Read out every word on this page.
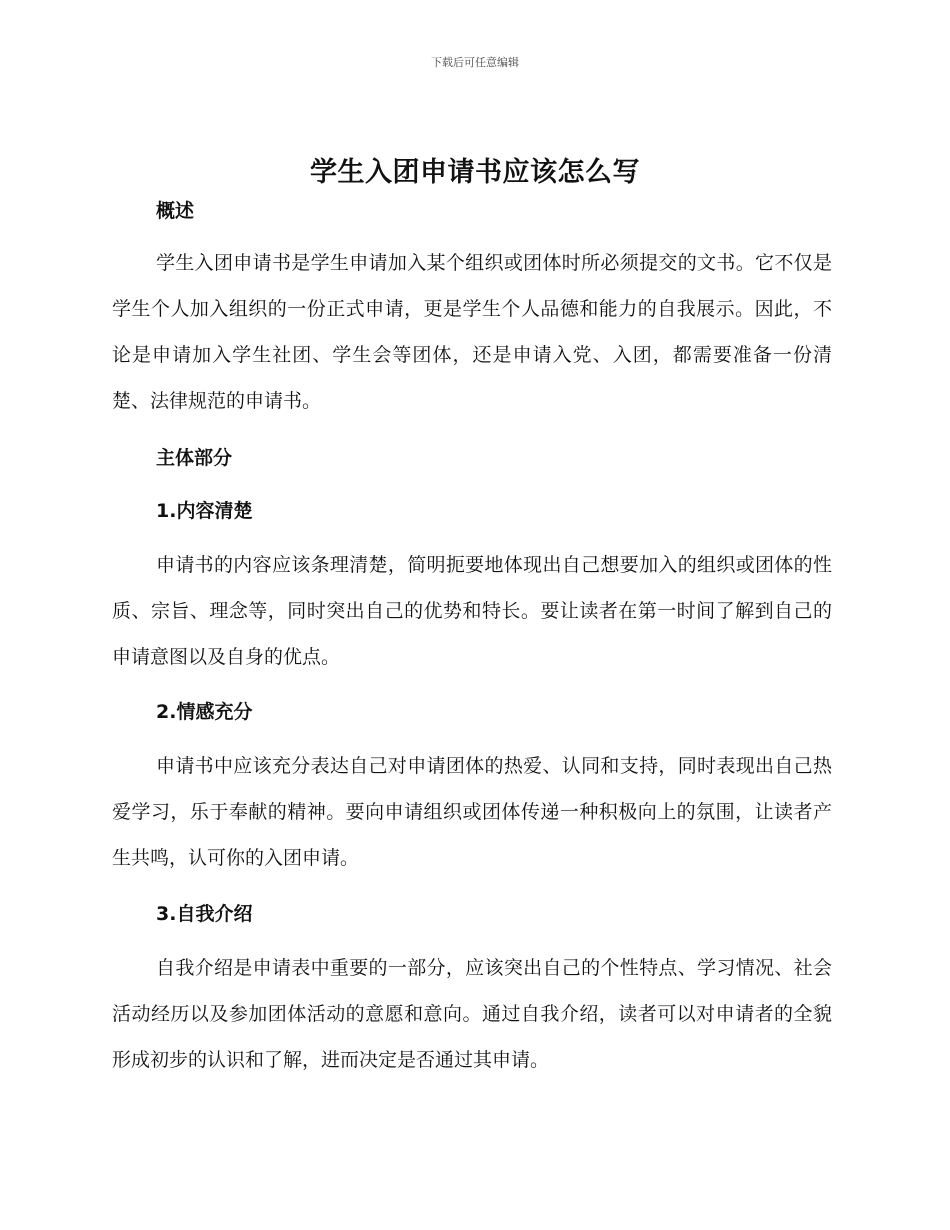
下载后可任意编辑
学生入团申请书应该怎么写
概述

学生入团申请书是学生申请加入某个组织或团体时所必须提交的文书。它不仅是学生个人加入组织的一份正式申请，更是学生个人品德和能力的自我展示。因此，不论是申请加入学生社团、学生会等团体，还是申请入党、入团，都需要准备一份清楚、法律规范的申请书。

主体部分
1.内容清楚

申请书的内容应该条理清楚，简明扼要地体现出自己想要加入的组织或团体的性质、宗旨、理念等，同时突出自己的优势和特长。要让读者在第一时间了解到自己的申请意图以及自身的优点。

2.情感充分

申请书中应该充分表达自己对申请团体的热爱、认同和支持，同时表现出自己热爱学习，乐于奉献的精神。要向申请组织或团体传递一种积极向上的氛围，让读者产生共鸣，认可你的入团申请。

3.自我介绍

自我介绍是申请表中重要的一部分，应该突出自己的个性特点、学习情况、社会活动经历以及参加团体活动的意愿和意向。通过自我介绍，读者可以对申请者的全貌形成初步的认识和了解，进而决定是否通过其申请。
